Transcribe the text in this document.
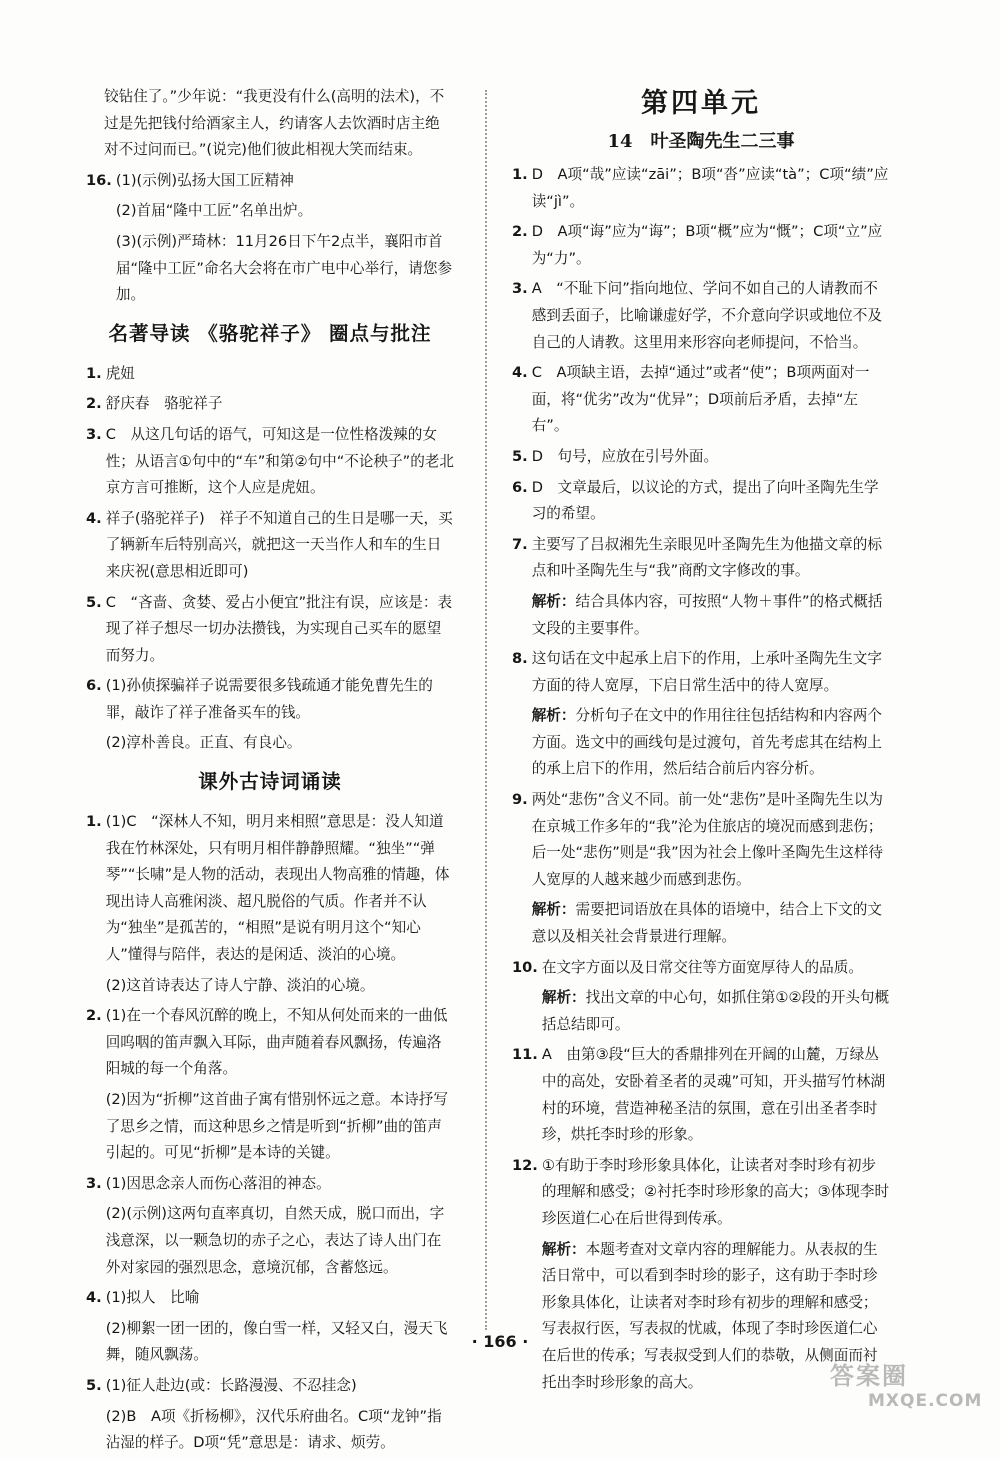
铰钻住了。”少年说：“我更没有什么(高明的法术)，不过是先把钱付给酒家主人，约请客人去饮酒时店主绝对不过问而已。”(说完)他们彼此相视大笑而结束。

16. (1)(示例)弘扬大国工匠精神

(2)首届“隆中工匠”名单出炉。

(3)(示例)严琦林：11月26日下午2点半，襄阳市首届“隆中工匠”命名大会将在市广电中心举行，请您参加。

名著导读 《骆驼祥子》 圈点与批注
1. 虎妞

2. 舒庆春　骆驼祥子

3. C　从这几句话的语气，可知这是一位性格泼辣的女性；从语言①句中的“车”和第②句中“不论秧子”的老北京方言可推断，这个人应是虎妞。

4. 祥子(骆驼祥子)　祥子不知道自己的生日是哪一天，买了辆新车后特别高兴，就把这一天当作人和车的生日来庆祝(意思相近即可)

5. C　“吝啬、贪婪、爱占小便宜”批注有误，应该是：表现了祥子想尽一切办法攒钱，为实现自己买车的愿望而努力。

6. (1)孙侦探骗祥子说需要很多钱疏通才能免曹先生的罪，敲诈了祥子准备买车的钱。

(2)淳朴善良。正直、有良心。

课外古诗词诵读
1. (1)C　“深林人不知，明月来相照”意思是：没人知道我在竹林深处，只有明月相伴静静照耀。“独坐”“弹琴”“长啸”是人物的活动，表现出人物高雅的情趣，体现出诗人高雅闲淡、超凡脱俗的气质。作者并不认为“独坐”是孤苦的，“相照”是说有明月这个“知心人”懂得与陪伴，表达的是闲适、淡泊的心境。

(2)这首诗表达了诗人宁静、淡泊的心境。

2. (1)在一个春风沉醉的晚上，不知从何处而来的一曲低回呜咽的笛声飘入耳际，曲声随着春风飘扬，传遍洛阳城的每一个角落。

(2)因为“折柳”这首曲子寓有惜别怀远之意。本诗抒写了思乡之情，而这种思乡之情是听到“折柳”曲的笛声引起的。可见“折柳”是本诗的关键。

3. (1)因思念亲人而伤心落泪的神态。

(2)(示例)这两句直率真切，自然天成，脱口而出，字浅意深，以一颗急切的赤子之心，表达了诗人出门在外对家园的强烈思念，意境沉郁，含蓄悠远。

4. (1)拟人　比喻

(2)柳絮一团一团的，像白雪一样，又轻又白，漫天飞舞，随风飘荡。

5. (1)征人赴边(或：长路漫漫、不忍挂念)

(2)B　A项《折杨柳》，汉代乐府曲名。C项“龙钟”指沾湿的样子。D项“凭”意思是：请求、烦劳。

第四单元
14　叶圣陶先生二三事
1. D　A项“哉”应读“zāi”；B项“沓”应读“tà”；C项“绩”应读“jì”。

2. D　A项“诲”应为“诲”；B项“概”应为“慨”；C项“立”应为“力”。

3. A　“不耻下问”指向地位、学问不如自己的人请教而不感到丢面子，比喻谦虚好学，不介意向学识或地位不及自己的人请教。这里用来形容向老师提问，不恰当。

4. C　A项缺主语，去掉“通过”或者“使”；B项两面对一面，将“优劣”改为“优异”；D项前后矛盾，去掉“左右”。

5. D　句号，应放在引号外面。

6. D　文章最后，以议论的方式，提出了向叶圣陶先生学习的希望。

7. 主要写了吕叔湘先生亲眼见叶圣陶先生为他描文章的标点和叶圣陶先生与“我”商酌文字修改的事。

解析：结合具体内容，可按照“人物＋事件”的格式概括文段的主要事件。

8. 这句话在文中起承上启下的作用，上承叶圣陶先生文字方面的待人宽厚，下启日常生活中的待人宽厚。

解析：分析句子在文中的作用往往包括结构和内容两个方面。选文中的画线句是过渡句，首先考虑其在结构上的承上启下的作用，然后结合前后内容分析。

9. 两处“悲伤”含义不同。前一处“悲伤”是叶圣陶先生以为在京城工作多年的“我”沦为住旅店的境况而感到悲伤；后一处“悲伤”则是“我”因为社会上像叶圣陶先生这样待人宽厚的人越来越少而感到悲伤。

解析：需要把词语放在具体的语境中，结合上下文的文意以及相关社会背景进行理解。

10. 在文字方面以及日常交往等方面宽厚待人的品质。

解析：找出文章的中心句，如抓住第①②段的开头句概括总结即可。

11. A　由第③段“巨大的香鼎排列在开阔的山麓，万绿丛中的高处，安卧着圣者的灵魂”可知，开头描写竹林湖村的环境，营造神秘圣洁的氛围，意在引出圣者李时珍，烘托李时珍的形象。

12. ①有助于李时珍形象具体化，让读者对李时珍有初步的理解和感受；②衬托李时珍形象的高大；③体现李时珍医道仁心在后世得到传承。

解析：本题考查对文章内容的理解能力。从表叔的生活日常中，可以看到李时珍的影子，这有助于李时珍形象具体化，让读者对李时珍有初步的理解和感受；写表叔行医，写表叔的忧戚，体现了李时珍医道仁心在后世的传承；写表叔受到人们的恭敬，从侧面而衬托出李时珍形象的高大。

· 166 ·
答案圈
MXQE.COM
